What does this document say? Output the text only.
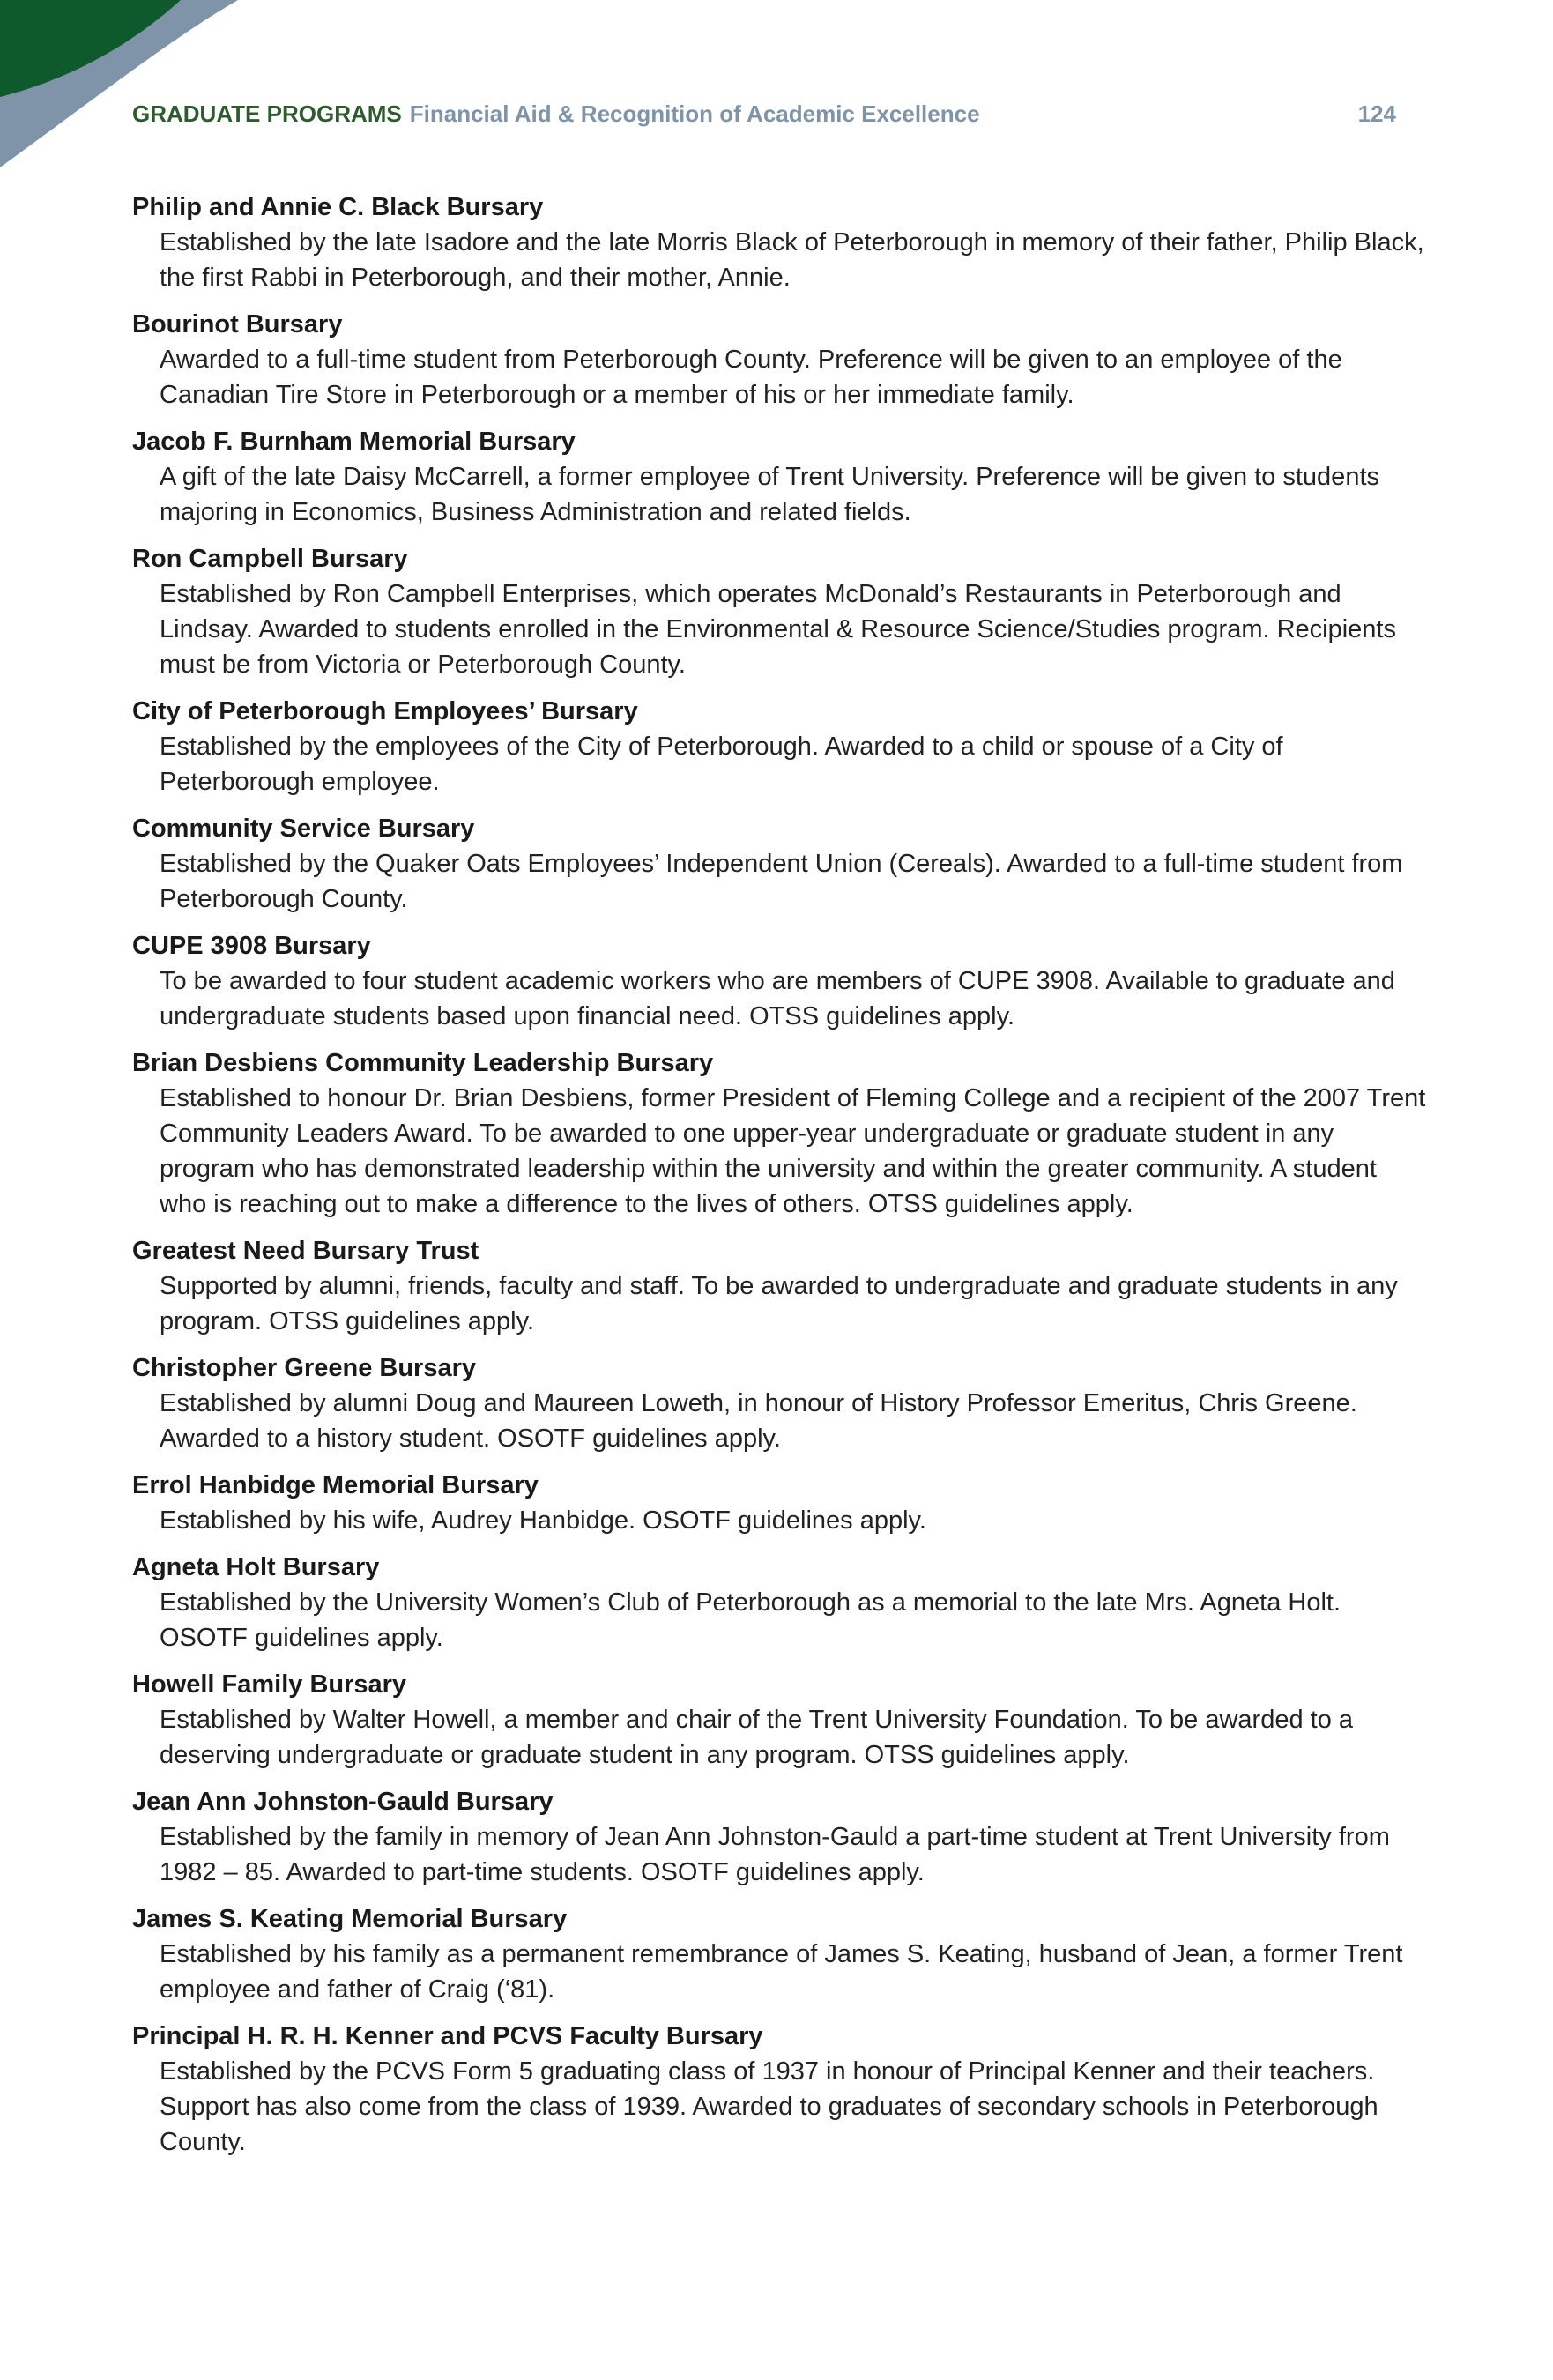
GRADUATE PROGRAMS Financial Aid & Recognition of Academic Excellence	124
Philip and Annie C. Black Bursary
Established by the late Isadore and the late Morris Black of Peterborough in memory of their father, Philip Black, the first Rabbi in Peterborough, and their mother, Annie.
Bourinot Bursary
Awarded to a full-time student from Peterborough County. Preference will be given to an employee of the Canadian Tire Store in Peterborough or a member of his or her immediate family.
Jacob F. Burnham Memorial Bursary
A gift of the late Daisy McCarrell, a former employee of Trent University. Preference will be given to students majoring in Economics, Business Administration and related fields.
Ron Campbell Bursary
Established by Ron Campbell Enterprises, which operates McDonald’s Restaurants in Peterborough and Lindsay. Awarded to students enrolled in the Environmental & Resource Science/Studies program. Recipients must be from Victoria or Peterborough County.
City of Peterborough Employees’ Bursary
Established by the employees of the City of Peterborough. Awarded to a child or spouse of a City of Peterborough employee.
Community Service Bursary
Established by the Quaker Oats Employees’ Independent Union (Cereals). Awarded to a full-time student from Peterborough County.
CUPE 3908 Bursary
To be awarded to four student academic workers who are members of CUPE 3908. Available to graduate and undergraduate students based upon financial need. OTSS guidelines apply.
Brian Desbiens Community Leadership Bursary
Established to honour Dr. Brian Desbiens, former President of Fleming College and a recipient of the 2007 Trent Community Leaders Award. To be awarded to one upper-year undergraduate or graduate student in any program who has demonstrated leadership within the university and within the greater community. A student who is reaching out to make a difference to the lives of others. OTSS guidelines apply.
Greatest Need Bursary Trust
Supported by alumni, friends, faculty and staff. To be awarded to undergraduate and graduate students in any program. OTSS guidelines apply.
Christopher Greene Bursary
Established by alumni Doug and Maureen Loweth, in honour of History Professor Emeritus, Chris Greene. Awarded to a history student. OSOTF guidelines apply.
Errol Hanbidge Memorial Bursary
Established by his wife, Audrey Hanbidge. OSOTF guidelines apply.
Agneta Holt Bursary
Established by the University Women’s Club of Peterborough as a memorial to the late Mrs. Agneta Holt. OSOTF guidelines apply.
Howell Family Bursary
Established by Walter Howell, a member and chair of the Trent University Foundation. To be awarded to a deserving undergraduate or graduate student in any program. OTSS guidelines apply.
Jean Ann Johnston-Gauld Bursary
Established by the family in memory of Jean Ann Johnston-Gauld a part-time student at Trent University from 1982 – 85. Awarded to part-time students. OSOTF guidelines apply.
James S. Keating Memorial Bursary
Established by his family as a permanent remembrance of James S. Keating, husband of Jean, a former Trent employee and father of Craig (‘81).
Principal H. R. H. Kenner and PCVS Faculty Bursary
Established by the PCVS Form 5 graduating class of 1937 in honour of Principal Kenner and their teachers. Support has also come from the class of 1939. Awarded to graduates of secondary schools in Peterborough County.
